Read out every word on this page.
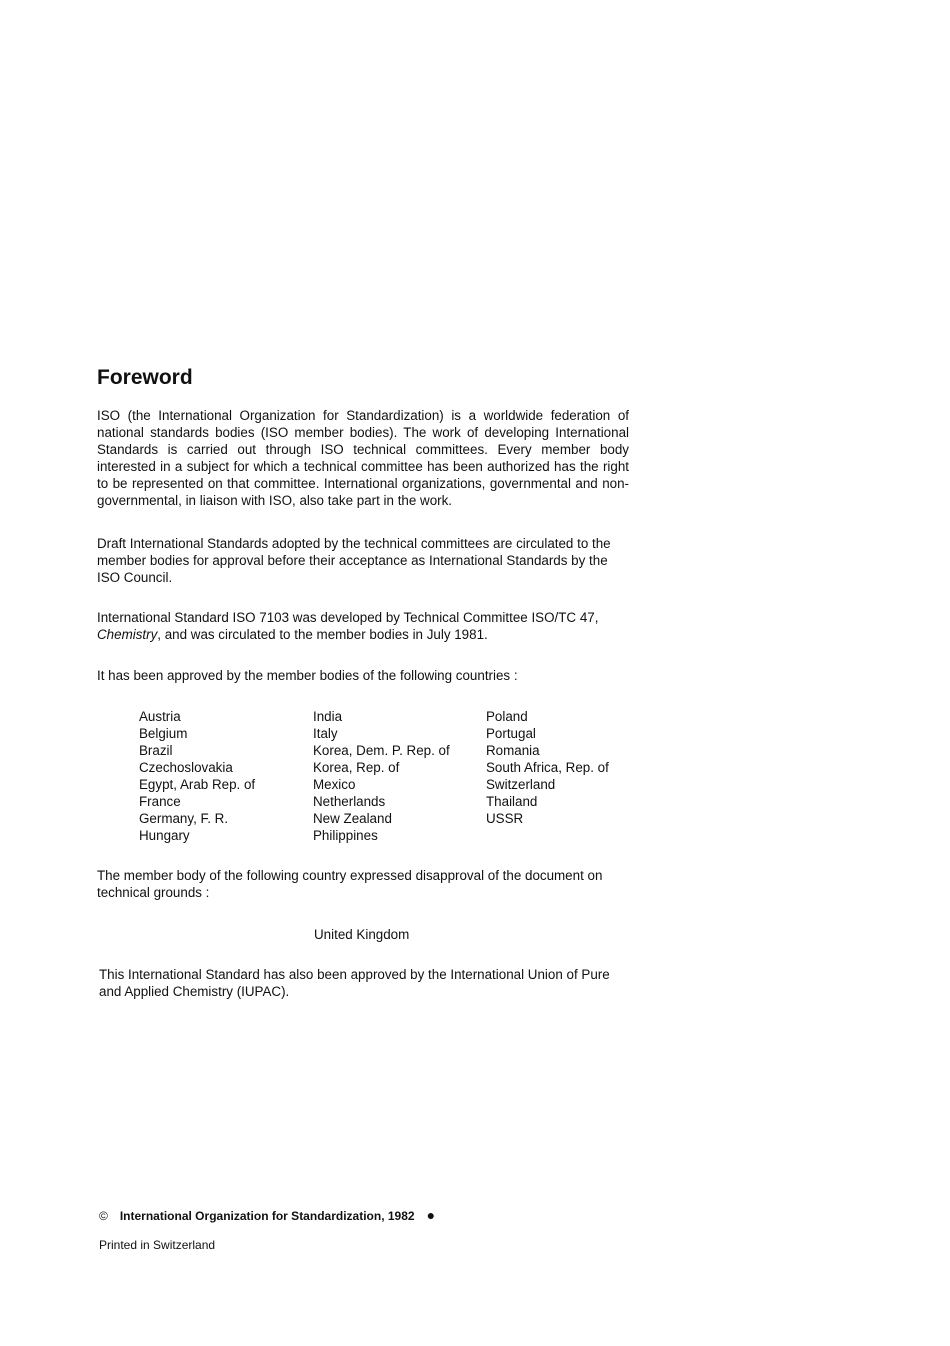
Foreword
ISO (the International Organization for Standardization) is a worldwide federation of national standards bodies (ISO member bodies). The work of developing International Standards is carried out through ISO technical committees. Every member body interested in a subject for which a technical committee has been authorized has the right to be represented on that committee. International organizations, governmental and non-governmental, in liaison with ISO, also take part in the work.
Draft International Standards adopted by the technical committees are circulated to the member bodies for approval before their acceptance as International Standards by the ISO Council.
International Standard ISO 7103 was developed by Technical Committee ISO/TC 47, Chemistry, and was circulated to the member bodies in July 1981.
It has been approved by the member bodies of the following countries :
Austria
Belgium
Brazil
Czechoslovakia
Egypt, Arab Rep. of
France
Germany, F. R.
Hungary
India
Italy
Korea, Dem. P. Rep. of
Korea, Rep. of
Mexico
Netherlands
New Zealand
Philippines
Poland
Portugal
Romania
South Africa, Rep. of
Switzerland
Thailand
USSR
The member body of the following country expressed disapproval of the document on technical grounds :
United Kingdom
This International Standard has also been approved by the International Union of Pure and Applied Chemistry (IUPAC).
© International Organization for Standardization, 1982 ●
Printed in Switzerland
